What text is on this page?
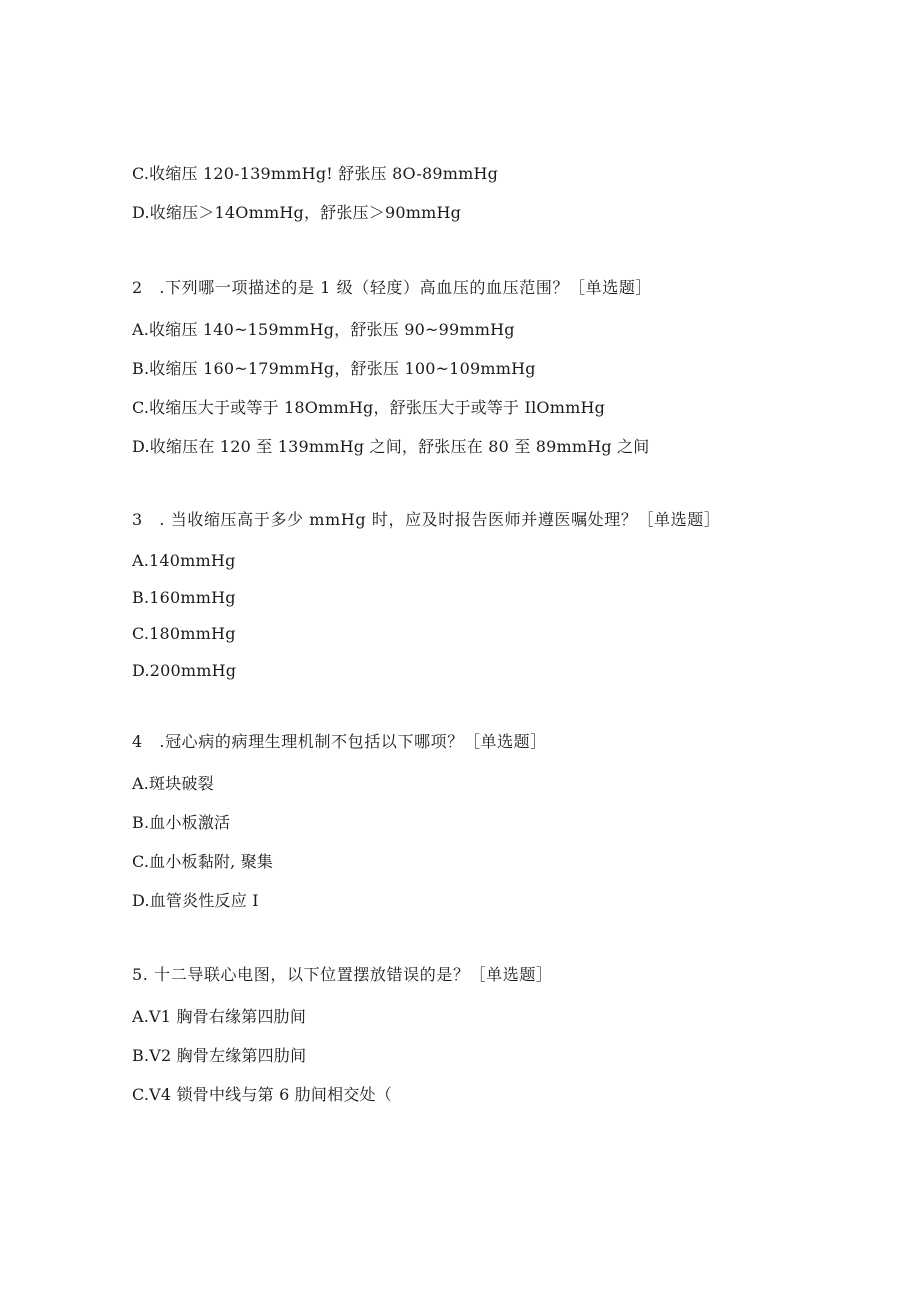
C.收缩压 120-139mmHg! 舒张压 8O-89mmHg
D.收缩压＞14OmmHg，舒张压＞90mmHg
2　.下列哪一项描述的是 1 级（轻度）高血压的血压范围？［单选题］
A.收缩压 140~159mmHg，舒张压 90~99mmHg
B.收缩压 160~179mmHg，舒张压 100~109mmHg
C.收缩压大于或等于 18OmmHg，舒张压大于或等于 IlOmmHg
D.收缩压在 120 至 139mmHg 之间，舒张压在 80 至 89mmHg 之间
3　. 当收缩压高于多少 mmHg 时，应及时报告医师并遵医嘱处理？［单选题］
A.140mmHg
B.160mmHg
C.180mmHg
D.200mmHg
4　.冠心病的病理生理机制不包括以下哪项？［单选题］
A.斑块破裂
B.血小板激活
C.血小板黏附, 聚集
D.血管炎性反应 I
5. 十二导联心电图，以下位置摆放错误的是？［单选题］
A.V1 胸骨右缘第四肋间
B.V2 胸骨左缘第四肋间
C.V4 锁骨中线与第 6 肋间相交处（
